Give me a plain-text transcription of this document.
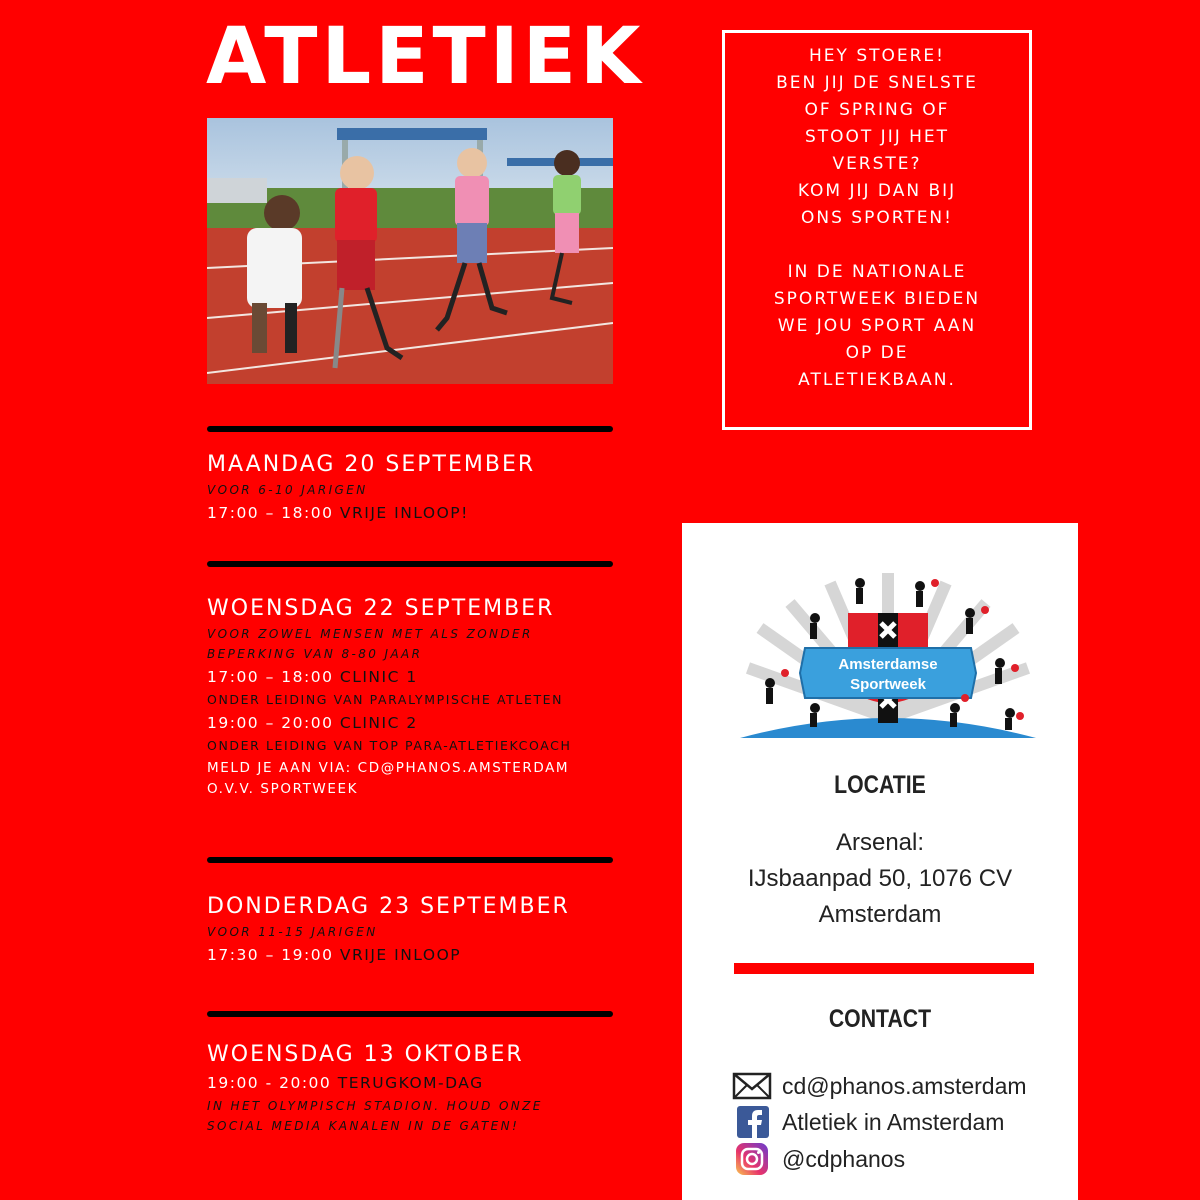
ATLETIEK	HEY STOERE!
BEN JIJ DE SNELSTE
OF SPRING OF
STOOT JIJ HET
VERSTE?
KOM JIJ DAN BIJ
ONS SPORTEN!

IN DE NATIONALE
SPORTWEEK BIEDEN
WE JOU SPORT AAN
OP DE
ATLETIEKBAAN.
MAANDAG 20 SEPTEMBER
VOOR 6-10 JARIGEN
17:00 – 18:00 VRIJE INLOOP!
WOENSDAG 22 SEPTEMBER
VOOR ZOWEL MENSEN MET ALS ZONDER
BEPERKING VAN 8-80 JAAR
17:00 – 18:00 CLINIC 1
ONDER LEIDING VAN PARALYMPISCHE ATLETEN
19:00 – 20:00 CLINIC 2
ONDER LEIDING VAN TOP PARA-ATLETIEKCOACH
MELD JE AAN VIA: CD@PHANOS.AMSTERDAM
O.V.V. SPORTWEEK
DONDERDAG 23 SEPTEMBER
VOOR 11-15 JARIGEN
17:30 – 19:00 VRIJE INLOOP
WOENSDAG 13 OKTOBER
19:00 - 20:00 TERUGKOM-DAG
IN HET OLYMPISCH STADION. HOUD ONZE
SOCIAL MEDIA KANALEN IN DE GATEN!
Amsterdamse
Sportweek
LOCATIE
Arsenal:
IJsbaanpad 50, 1076 CV
Amsterdam
CONTACT
cd@phanos.amsterdam
Atletiek in Amsterdam
@cdphanos
